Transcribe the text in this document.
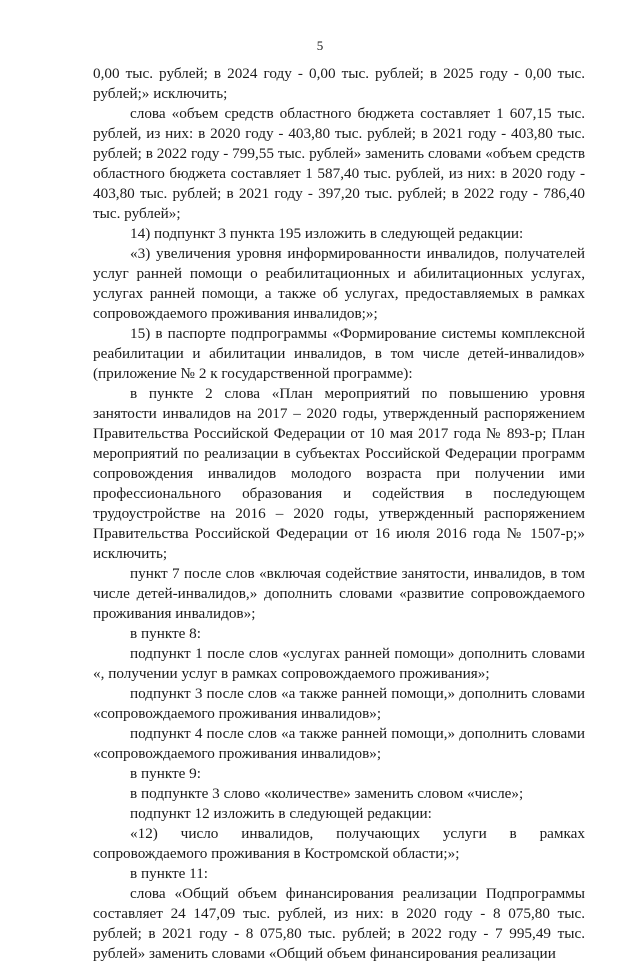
5

0,00 тыс. рублей; в 2024 году - 0,00 тыс. рублей; в 2025 году - 0,00 тыс. рублей;» исключить;

слова «объем средств областного бюджета составляет 1 607,15 тыс. рублей, из них: в 2020 году - 403,80 тыс. рублей; в 2021 году - 403,80 тыс. рублей; в 2022 году - 799,55 тыс. рублей» заменить словами «объем средств областного бюджета составляет 1 587,40 тыс. рублей, из них: в 2020 году - 403,80 тыс. рублей; в 2021 году - 397,20 тыс. рублей; в 2022 году - 786,40 тыс. рублей»;

14) подпункт 3 пункта 195 изложить в следующей редакции:

«3) увеличения уровня информированности инвалидов, получателей услуг ранней помощи о реабилитационных и абилитационных услугах, услугах ранней помощи, а также об услугах, предоставляемых в рамках сопровождаемого проживания инвалидов;»;

15) в паспорте подпрограммы «Формирование системы комплексной реабилитации и абилитации инвалидов, в том числе детей-инвалидов» (приложение № 2 к государственной программе):

в пункте 2 слова «План мероприятий по повышению уровня занятости инвалидов на 2017 – 2020 годы, утвержденный распоряжением Правительства Российской Федерации от 10 мая 2017 года № 893-р; План мероприятий по реализации в субъектах Российской Федерации программ сопровождения инвалидов молодого возраста при получении ими профессионального образования и содействия в последующем трудоустройстве на 2016 – 2020 годы, утвержденный распоряжением Правительства Российской Федерации от 16 июля 2016 года № 1507-р;» исключить;

пункт 7 после слов «включая содействие занятости, инвалидов, в том числе детей-инвалидов,» дополнить словами «развитие сопровождаемого проживания инвалидов»;

в пункте 8:

подпункт 1 после слов «услугах ранней помощи» дополнить словами «, получении услуг в рамках сопровождаемого проживания»;

подпункт 3 после слов «а также ранней помощи,» дополнить словами «сопровождаемого проживания инвалидов»;

подпункт 4 после слов «а также ранней помощи,» дополнить словами «сопровождаемого проживания инвалидов»;

в пункте 9:

в подпункте 3 слово «количестве» заменить словом «числе»;

подпункт 12 изложить в следующей редакции:

«12) число инвалидов, получающих услуги в рамках сопровождаемого проживания в Костромской области;»;

в пункте 11:

слова «Общий объем финансирования реализации Подпрограммы составляет 24 147,09 тыс. рублей, из них: в 2020 году - 8 075,80 тыс. рублей; в 2021 году - 8 075,80 тыс. рублей; в 2022 году - 7 995,49 тыс. рублей» заменить словами «Общий объем финансирования реализации
